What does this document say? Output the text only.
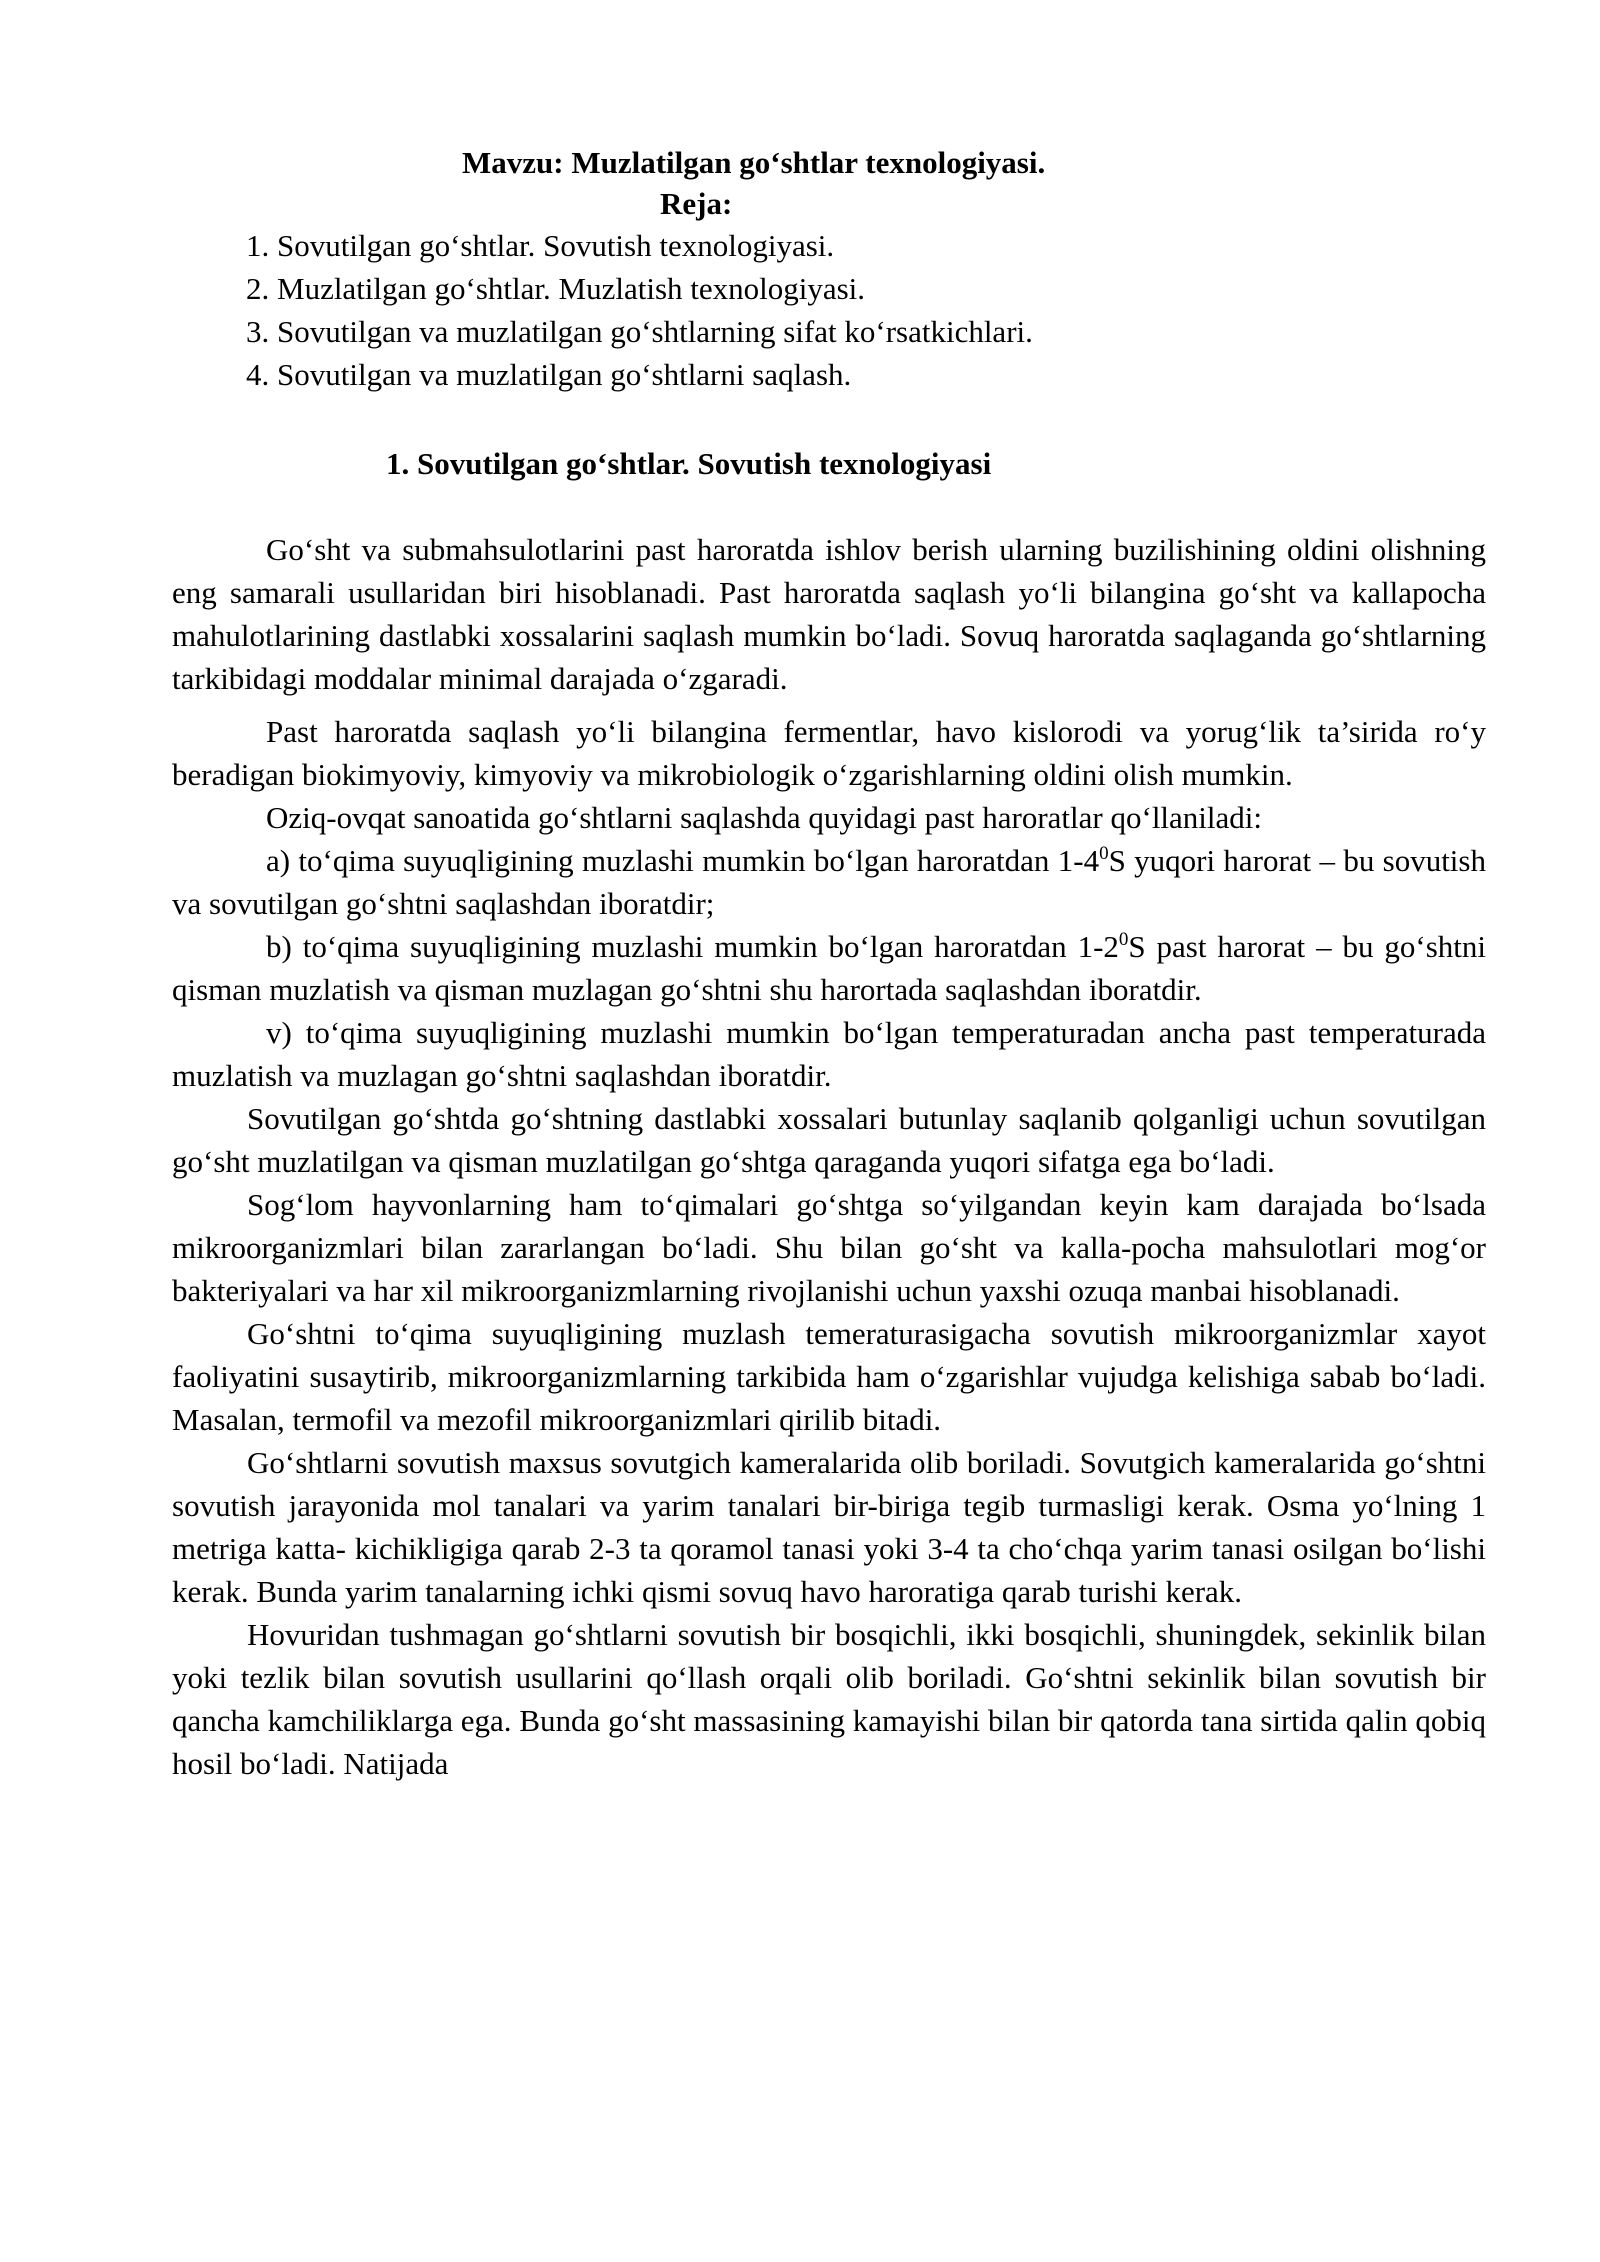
Mavzu: Muzlatilgan go‘shtlar texnologiyasi.
Reja:
1. Sovutilgan go‘shtlar. Sovutish texnologiyasi.
2. Muzlatilgan go‘shtlar. Muzlatish texnologiyasi.
3. Sovutilgan va muzlatilgan go‘shtlarning sifat ko‘rsatkichlari.
4. Sovutilgan va muzlatilgan go‘shtlarni saqlash.
1. Sovutilgan go‘shtlar. Sovutish texnologiyasi

Go‘sht va submahsulotlarini past haroratda ishlov berish ularning buzilishining oldini olishning eng samarali usullaridan biri hisoblanadi. Past haroratda saqlash yo‘li bilangina go‘sht va kallapocha mahulotlarining dastlabki xossalarini saqlash mumkin bo‘ladi. Sovuq haroratda saqlaganda go‘shtlarning tarkibidagi moddalar minimal darajada o‘zgaradi.

Past haroratda saqlash yo‘li bilangina fermentlar, havo kislorodi va yorug‘lik ta’sirida ro‘y beradigan biokimyoviy, kimyoviy va mikrobiologik o‘zgarishlarning oldini olish mumkin.

Oziq-ovqat sanoatida go‘shtlarni saqlashda quyidagi past haroratlar qo‘llaniladi:

a) to‘qima suyuqligining muzlashi mumkin bo‘lgan haroratdan $1-4^0S$ yuqori harorat – bu sovutish va sovutilgan go‘shtni saqlashdan iboratdir;

b) to‘qima suyuqligining muzlashi mumkin bo‘lgan haroratdan $1-2^0S$ past harorat – bu go‘shtni qisman muzlatish va qisman muzlagan go‘shtni shu harortada saqlashdan iboratdir.

v) to‘qima suyuqligining muzlashi mumkin bo‘lgan temperaturadan ancha past temperaturada muzlatish va muzlagan go‘shtni saqlashdan iboratdir.

Sovutilgan go‘shtda go‘shtning dastlabki xossalari butunlay saqlanib qolganligi uchun sovutilgan go‘sht muzlatilgan va qisman muzlatilgan go‘shtga qaraganda yuqori sifatga ega bo‘ladi.

Sog‘lom hayvonlarning ham to‘qimalari go‘shtga so‘yilgandan keyin kam darajada bo‘lsada mikroorganizmlari bilan zararlangan bo‘ladi. Shu bilan go‘sht va kalla-pocha mahsulotlari mog‘or bakteriyalari va har xil mikroorganizmlarning rivojlanishi uchun yaxshi ozuqa manbai hisoblanadi.

Go‘shtni to‘qima suyuqligining muzlash temeraturasigacha sovutish mikroorganizmlar xayot faoliyatini susaytirib, mikroorganizmlarning tarkibida ham o‘zgarishlar vujudga kelishiga sabab bo‘ladi. Masalan, termofil va mezofil mikroorganizmlari qirilib bitadi.

Go‘shtlarni sovutish maxsus sovutgich kameralarida olib boriladi. Sovutgich kameralarida go‘shtni sovutish jarayonida mol tanalari va yarim tanalari bir-biriga tegib turmasligi kerak. Osma yo‘lning 1 metriga katta- kichikligiga qarab 2-3 ta qoramol tanasi yoki 3-4 ta cho‘chqa yarim tanasi osilgan bo‘lishi kerak. Bunda yarim tanalarning ichki qismi sovuq havo haroratiga qarab turishi kerak.

Hovuridan tushmagan go‘shtlarni sovutish bir bosqichli, ikki bosqichli, shuningdek, sekinlik bilan yoki tezlik bilan sovutish usullarini qo‘llash orqali olib boriladi. Go‘shtni sekinlik bilan sovutish bir qancha kamchiliklarga ega. Bunda go‘sht massasining kamayishi bilan bir qatorda tana sirtida qalin qobiq hosil bo‘ladi. Natijada
